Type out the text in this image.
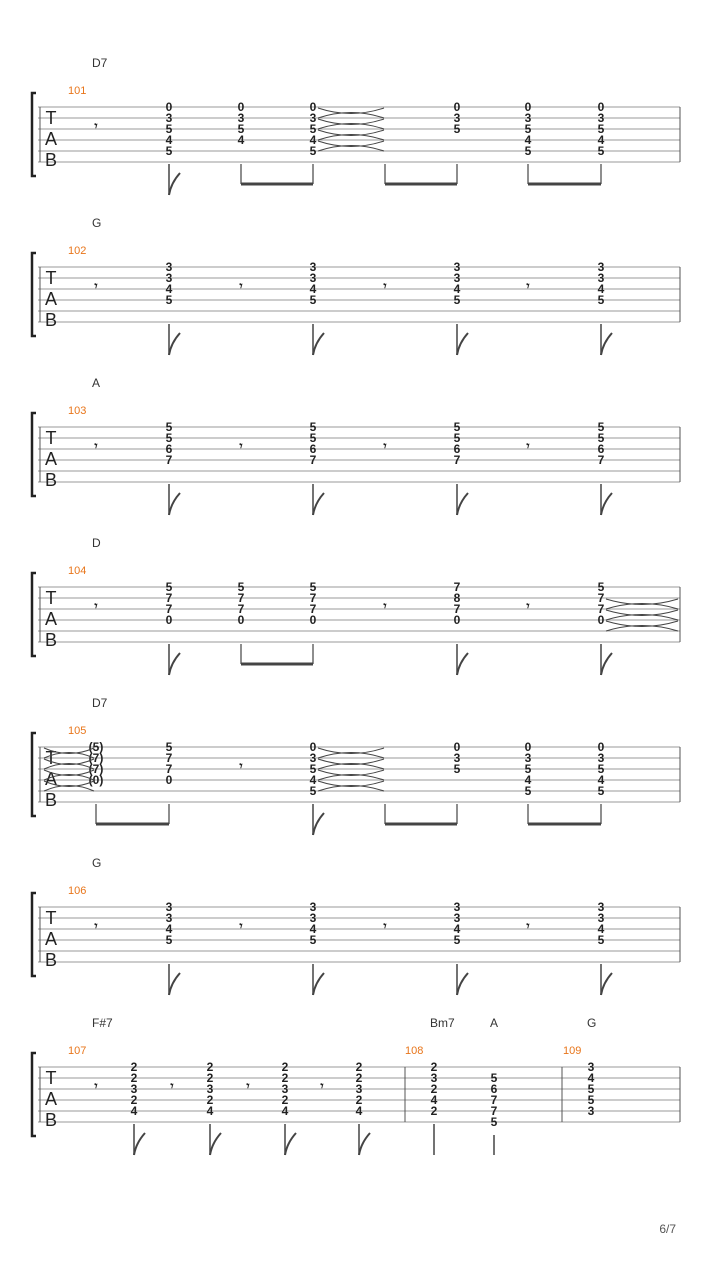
T
A
B
D7
101
𝄾
0
3
5
4
5
0
3
5
4
0
3
5
4
5
0
3
5
0
3
5
4
5
0
3
5
4
5
T
A
B
G
102
𝄾
3
3
4
5
𝄾
3
3
4
5
𝄾
3
3
4
5
𝄾
3
3
4
5
T
A
B
A
103
𝄾
5
5
6
7
𝄾
5
5
6
7
𝄾
5
5
6
7
𝄾
5
5
6
7
T
A
B
D
104
𝄾
5
7
7
0
5
7
7
0
5
7
7
0
𝄾
7
8
7
0
𝄾
5
7
7
0
T
A
B
D7
105
(5)
(7)
(7)
(0)
5
7
7
0
𝄾
0
3
5
4
5
0
3
5
0
3
5
4
5
0
3
5
4
5
T
A
B
G
106
𝄾
3
3
4
5
𝄾
3
3
4
5
𝄾
3
3
4
5
𝄾
3
3
4
5
T
A
B
F#7	Bm7	A	G
107	108	109
𝄾
2
2
3
2
4
𝄾
2
2
3
2
4
𝄾
2
2
3
2
4
𝄾
2
2
3
2
4
2
3
2
4
2
5
6
7
7
5
3
4
5
5
3
6/7
